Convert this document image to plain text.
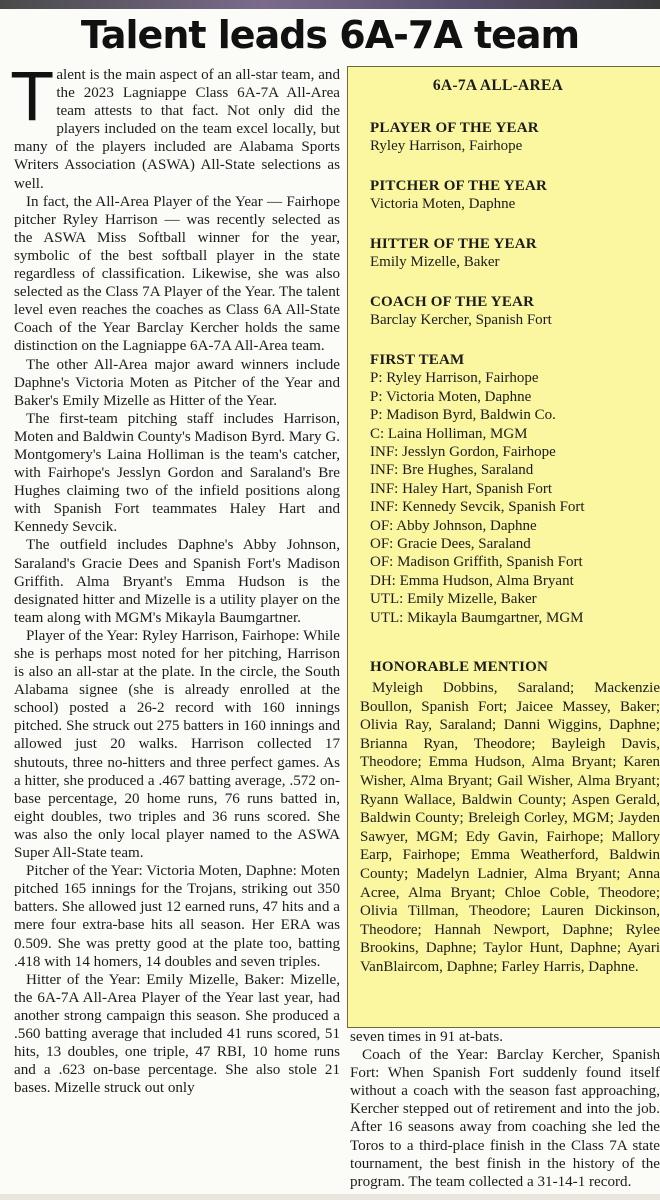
Talent leads 6A-7A team

Talent is the main aspect of an all-star team, and the 2023 Lagniappe Class 6A-7A All-Area team attests to that fact. Not only did the players included on the team excel locally, but many of the players included are Alabama Sports Writers Association (ASWA) All-State selections as well.

In fact, the All-Area Player of the Year — Fairhope pitcher Ryley Harrison — was recently selected as the ASWA Miss Softball winner for the year, symbolic of the best softball player in the state regardless of classification. Likewise, she was also selected as the Class 7A Player of the Year. The talent level even reaches the coaches as Class 6A All-State Coach of the Year Barclay Kercher holds the same distinction on the Lagniappe 6A-7A All-Area team.

The other All-Area major award winners include Daphne's Victoria Moten as Pitcher of the Year and Baker's Emily Mizelle as Hitter of the Year.

The first-team pitching staff includes Harrison, Moten and Baldwin County's Madison Byrd. Mary G. Montgomery's Laina Holliman is the team's catcher, with Fairhope's Jesslyn Gordon and Saraland's Bre Hughes claiming two of the infield positions along with Spanish Fort teammates Haley Hart and Kennedy Sevcik.

The outfield includes Daphne's Abby Johnson, Saraland's Gracie Dees and Spanish Fort's Madison Griffith. Alma Bryant's Emma Hudson is the designated hitter and Mizelle is a utility player on the team along with MGM's Mikayla Baumgartner.

Player of the Year: Ryley Harrison, Fairhope: While she is perhaps most noted for her pitching, Harrison is also an all-star at the plate. In the circle, the South Alabama signee (she is already enrolled at the school) posted a 26-2 record with 160 innings pitched. She struck out 275 batters in 160 innings and allowed just 20 walks. Harrison collected 17 shutouts, three no-hitters and three perfect games. As a hitter, she produced a .467 batting average, .572 on-base percentage, 20 home runs, 76 runs batted in, eight doubles, two triples and 36 runs scored. She was also the only local player named to the ASWA Super All-State team.

Pitcher of the Year: Victoria Moten, Daphne: Moten pitched 165 innings for the Trojans, striking out 350 batters. She allowed just 12 earned runs, 47 hits and a mere four extra-base hits all season. Her ERA was 0.509. She was pretty good at the plate too, batting .418 with 14 homers, 14 doubles and seven triples.

Hitter of the Year: Emily Mizelle, Baker: Mizelle, the 6A-7A All-Area Player of the Year last year, had another strong campaign this season. She produced a .560 batting average that included 41 runs scored, 51 hits, 13 doubles, one triple, 47 RBI, 10 home runs and a .623 on-base percentage. She also stole 21 bases. Mizelle struck out only

6A-7A ALL-AREA
PLAYER OF THE YEAR
Ryley Harrison, Fairhope
PITCHER OF THE YEAR
Victoria Moten, Daphne
HITTER OF THE YEAR
Emily Mizelle, Baker
COACH OF THE YEAR
Barclay Kercher, Spanish Fort
FIRST TEAM
P: Ryley Harrison, Fairhope
P: Victoria Moten, Daphne
P: Madison Byrd, Baldwin Co.
C: Laina Holliman, MGM
INF: Jesslyn Gordon, Fairhope
INF: Bre Hughes, Saraland
INF: Haley Hart, Spanish Fort
INF: Kennedy Sevcik, Spanish Fort
OF: Abby Johnson, Daphne
OF: Gracie Dees, Saraland
OF: Madison Griffith, Spanish Fort
DH: Emma Hudson, Alma Bryant
UTL: Emily Mizelle, Baker
UTL: Mikayla Baumgartner, MGM
HONORABLE MENTION
Myleigh Dobbins, Saraland; Mackenzie Boullon, Spanish Fort; Jaicee Massey, Baker; Olivia Ray, Saraland; Danni Wiggins, Daphne; Brianna Ryan, Theodore; Bayleigh Davis, Theodore; Emma Hudson, Alma Bryant; Karen Wisher, Alma Bryant; Gail Wisher, Alma Bryant; Ryann Wallace, Baldwin County; Aspen Gerald, Baldwin County; Breleigh Corley, MGM; Jayden Sawyer, MGM; Edy Gavin, Fairhope; Mallory Earp, Fairhope; Emma Weatherford, Baldwin County; Madelyn Ladnier, Alma Bryant; Anna Acree, Alma Bryant; Chloe Coble, Theodore; Olivia Tillman, Theodore; Lauren Dickinson, Theodore; Hannah Newport, Daphne; Rylee Brookins, Daphne; Taylor Hunt, Daphne; Ayari VanBlaircom, Daphne; Farley Harris, Daphne.

seven times in 91 at-bats.

Coach of the Year: Barclay Kercher, Spanish Fort: When Spanish Fort suddenly found itself without a coach with the season fast approaching, Kercher stepped out of retirement and into the job. After 16 seasons away from coaching she led the Toros to a third-place finish in the Class 7A state tournament, the best finish in the history of the program. The team collected a 31-14-1 record.
